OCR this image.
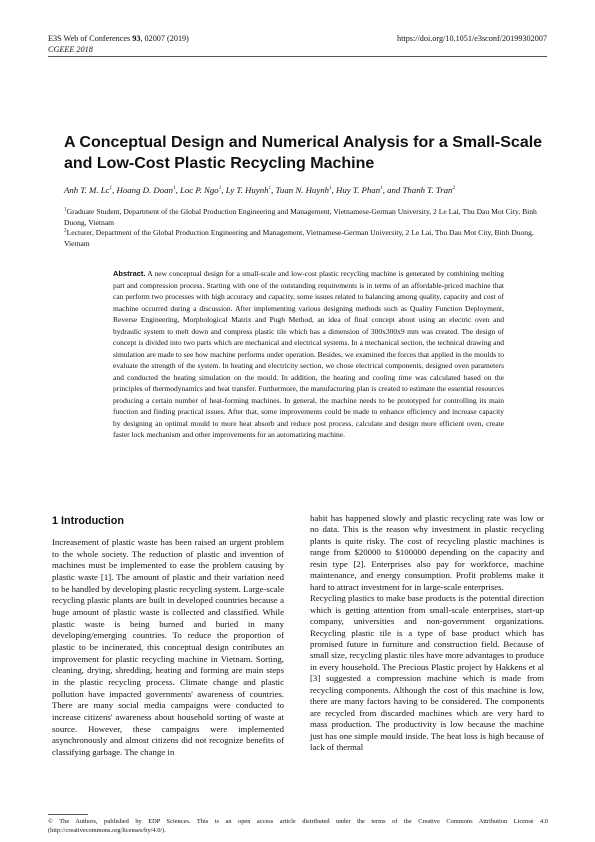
E3S Web of Conferences 93, 02007 (2019)
CGEEE 2018
https://doi.org/10.1051/e3sconf/20199302007
A Conceptual Design and Numerical Analysis for a Small-Scale and Low-Cost Plastic Recycling Machine
Anh T. M. Lc$^1$, Hoang D. Doan$^1$, Loc P. Ngo$^1$, Ly T. Huynh$^1$, Tuan N. Huynh$^1$, Huy T. Phan$^1$, and Thanh T. Tran$^2$

$^1$Graduate Student, Department of the Global Production Engineering and Management, Vietnamese-German University, 2 Le Lai, Thu Dau Mot City, Binh Duong, Vietnam

$^2$Lecturer, Department of the Global Production Engineering and Management, Vietnamese-German University, 2 Le Lai, Thu Dau Mot City, Binh Duong, Vietnam

Abstract. A new conceptual design for a small-scale and low-cost plastic recycling machine is generated by combining melting part and compression process. Starting with one of the outstanding requirements is in terms of an affordable-priced machine that can perform two processes with high accuracy and capacity, some issues related to balancing among quality, capacity and cost of machine occurred during a discussion. After implementing various designing methods such as Quality Function Deployment, Reverse Engineering, Morphological Matrix and Pugh Method, an idea of final concept about using an electric oven and hydraulic system to melt down and compress plastic tile which has a dimension of 300x300x9 mm was created. The design of concept is divided into two parts which are mechanical and electrical systems. In a mechanical section, the technical drawing and simulation are made to see how machine performs under operation. Besides, we examined the forces that applied in the moulds to evaluate the strength of the system. In heating and electricity section, we chose electrical components, designed oven parameters and conducted the heating simulation on the mould. In addition, the heating and cooling time was calculated based on the principles of thermodynamics and heat transfer. Furthermore, the manufacturing plan is created to estimate the essential resources producing a certain number of heat-forming machines. In general, the machine needs to be prototyped for controlling its main function and finding practical issues. After that, some improvements could be made to enhance efficiency and increase capacity by designing an optimal mould to more heat absorb and reduce post process, calculate and design more efficient oven, create faster lock mechanism and other improvements for an automatizing machine.

1 Introduction

Increasement of plastic waste has been raised an urgent problem to the whole society. The reduction of plastic and invention of machines must be implemented to ease the problem causing by plastic waste [1]. The amount of plastic and their variation need to be handled by developing plastic recycling system. Large-scale recycling plastic plants are built in developed countries because a huge amount of plastic waste is collected and classified. While plastic waste is being burned and buried in many developing/emerging countries. To reduce the proportion of plastic to be incinerated, this conceptual design contributes an improvement for plastic recycling machine in Vietnam. Sorting, cleaning, drying, shredding, heating and forming are main steps in the plastic recycling process. Climate change and plastic pollution have impacted governments' awareness of countries. There are many social media campaigns were conducted to increase citizens' awareness about household sorting of waste at source. However, these campaigns were implemented asynchronously and almost citizens did not recognize benefits of classifying garbage. The change in

habit has happened slowly and plastic recycling rate was low or no data. This is the reason why investment in plastic recycling plants is quite risky. The cost of recycling plastic machines is range from $20000 to $100000 depending on the capacity and resin type [2]. Enterprises also pay for workforce, machine maintenance, and energy consumption. Profit problems make it hard to attract investment for in large-scale enterprises.

Recycling plastics to make base products is the potential direction which is getting attention from small-scale enterprises, start-up company, universities and non-government organizations. Recycling plastic tile is a type of base product which has promised future in furniture and construction field. Because of small size, recycling plastic tiles have more advantages to produce in every household. The Precious Plastic project by Hakkens et al [3] suggested a compression machine which is made from recycling components. Although the cost of this machine is low, there are many factors having to be considered. The components are recycled from discarded machines which are very hard to mass production. The productivity is low because the machine just has one simple mould inside. The heat loss is high because of lack of thermal

© The Authors, published by EDP Sciences. This is an open access article distributed under the terms of the Creative Commons Attribution License 4.0 (http://creativecommons.org/licenses/by/4.0/).
